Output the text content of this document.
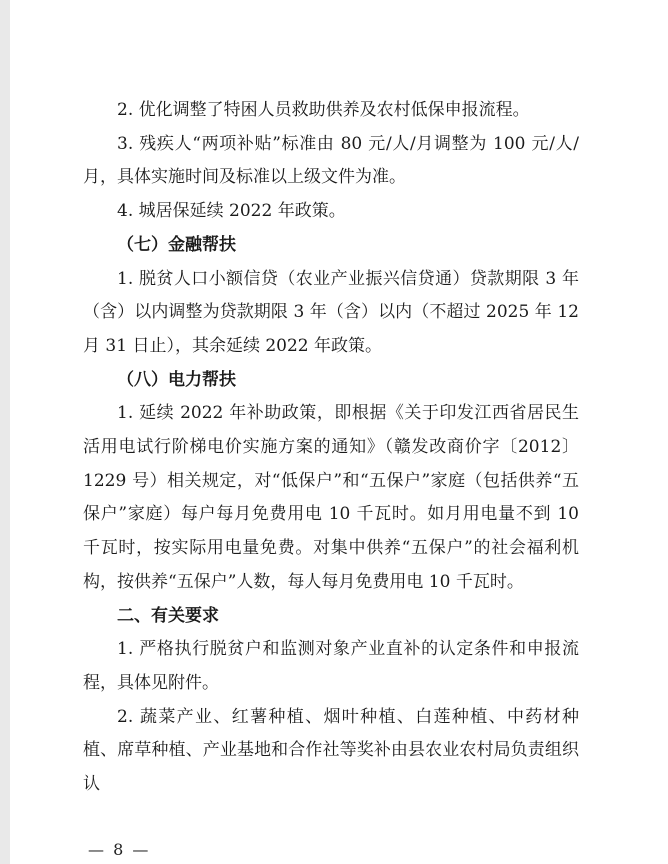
2. 优化调整了特困人员救助供养及农村低保申报流程。

3. 残疾人“两项补贴”标准由 80 元/人/月调整为 100 元/人/月，具体实施时间及标准以上级文件为准。

4. 城居保延续 2022 年政策。

（七）金融帮扶

1. 脱贫人口小额信贷（农业产业振兴信贷通）贷款期限 3 年（含）以内调整为贷款期限 3 年（含）以内（不超过 2025 年 12 月 31 日止），其余延续 2022 年政策。

（八）电力帮扶

1. 延续 2022 年补助政策，即根据《关于印发江西省居民生活用电试行阶梯电价实施方案的通知》（赣发改商价字〔2012〕1229 号）相关规定，对“低保户”和“五保户”家庭（包括供养“五保户”家庭）每户每月免费用电 10 千瓦时。如月用电量不到 10 千瓦时，按实际用电量免费。对集中供养“五保户”的社会福利机构，按供养“五保户”人数，每人每月免费用电 10 千瓦时。

二、有关要求

1. 严格执行脱贫户和监测对象产业直补的认定条件和申报流程，具体见附件。

2. 蔬菜产业、红薯种植、烟叶种植、白莲种植、中药材种植、席草种植、产业基地和合作社等奖补由县农业农村局负责组织认

— 8 —
